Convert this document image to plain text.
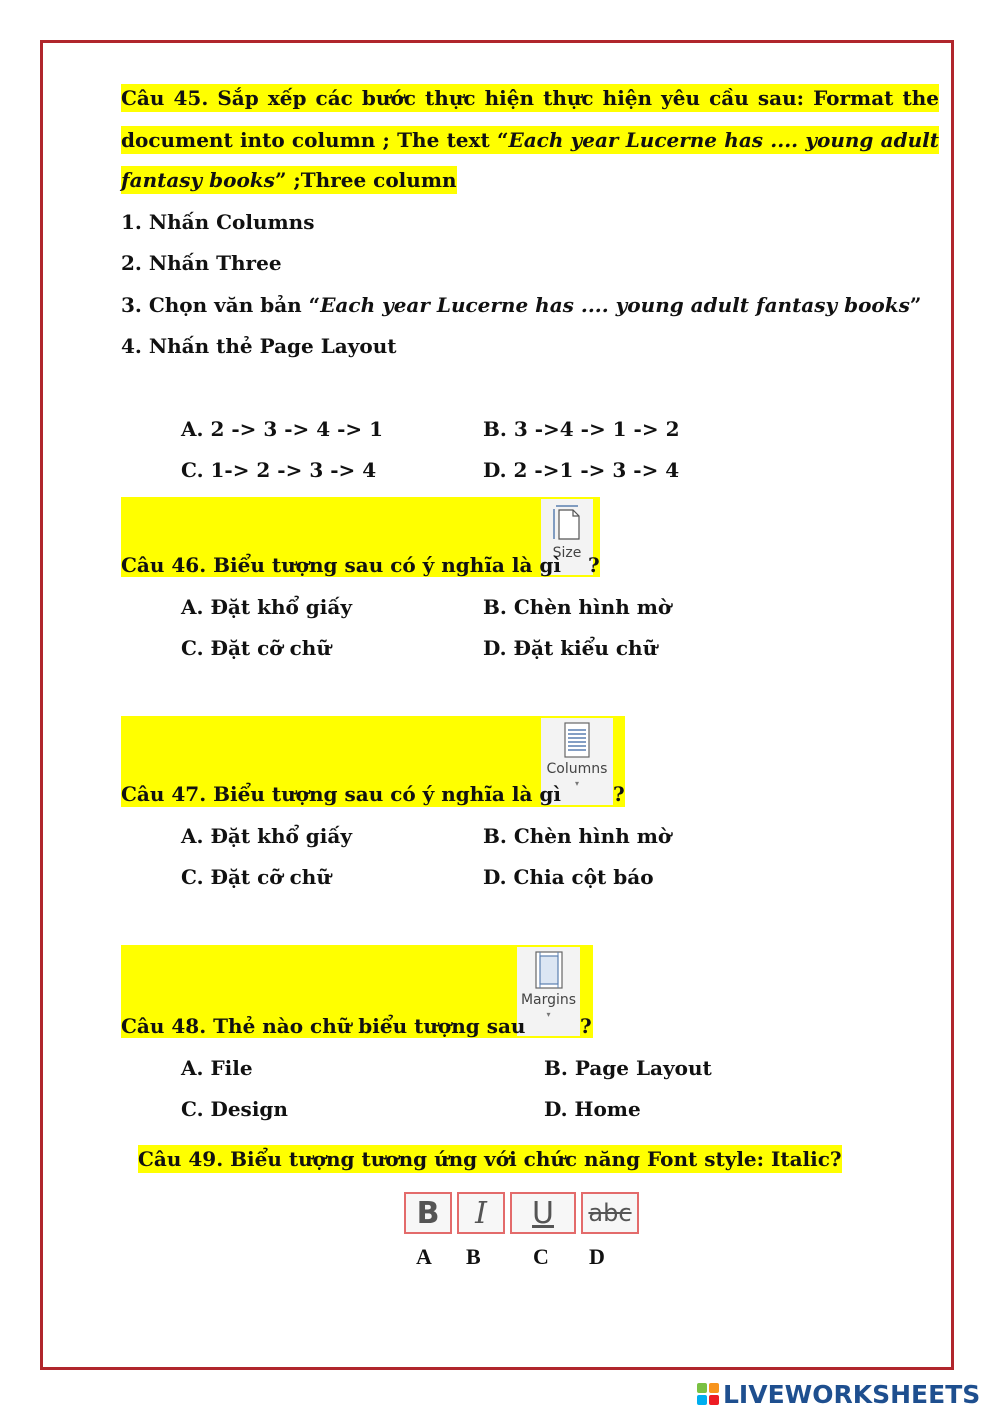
Câu 45. Sắp xếp các bước thực hiện thực hiện yêu cầu sau: Format the
document into column ; The text “Each year Lucerne has .... young adult
fantasy books” ;Three column
1. Nhấn Columns
2. Nhấn Three
3. Chọn văn bản “Each year Lucerne has .... young adult fantasy books”
4. Nhấn thẻ Page Layout
A. 2 -> 3 -> 4 -> 1	B. 3 ->4 -> 1 -> 2
C. 1-> 2 -> 3 -> 4	D. 2 ->1 -> 3 -> 4
Size
Câu 46. Biểu tượng sau có ý nghĩa là gì ?
A. Đặt khổ giấy	B. Chèn hình mờ
C. Đặt cỡ chữ	D. Đặt kiểu chữ
Columns
▾
Câu 47. Biểu tượng sau có ý nghĩa là gì	?
A. Đặt khổ giấy	B. Chèn hình mờ
C. Đặt cỡ chữ	D. Chia cột báo
Margins
▾
Câu 48. Thẻ nào chữ biểu tượng sau	?
A. File	B. Page Layout
C. Design	D. Home
Câu 49. Biểu tượng tương ứng với chức năng Font style: Italic?
B	I	U	abc
A B C D
LIVEWORKSHEETS
